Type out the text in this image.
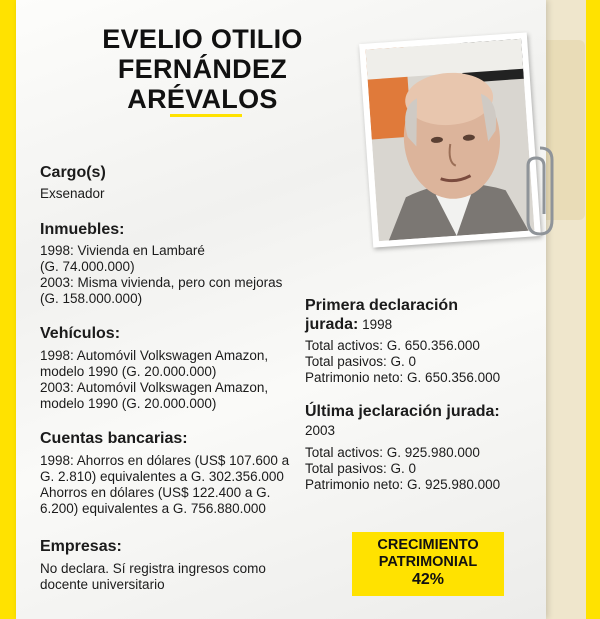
EVELIO OTILIO
FERNÁNDEZ
ARÉVALOS

Cargo(s)

Exsenador

Inmuebles:

1998: Vivienda en Lambaré

(G. 74.000.000)

2003: Misma vivienda, pero con mejoras

(G. 158.000.000)

Vehículos:

1998: Automóvil Volkswagen Amazon,

modelo 1990 (G. 20.000.000)

2003: Automóvil Volkswagen Amazon,

modelo 1990 (G. 20.000.000)

Cuentas bancarias:

1998: Ahorros en dólares (US$ 107.600 a

G. 2.810) equivalentes a G. 302.356.000

Ahorros en dólares (US$ 122.400 a G.

6.200) equivalentes a G. 756.880.000

Empresas:

No declara. Sí registra ingresos como

docente universitario

Primera declaración

jurada: 1998

Total activos: G. 650.356.000

Total pasivos: G. 0

Patrimonio neto: G. 650.356.000

Última jeclaración jurada:

2003

Total activos: G. 925.980.000

Total pasivos: G. 0

Patrimonio neto: G. 925.980.000

CRECIMIENTO
PATRIMONIAL
42%
